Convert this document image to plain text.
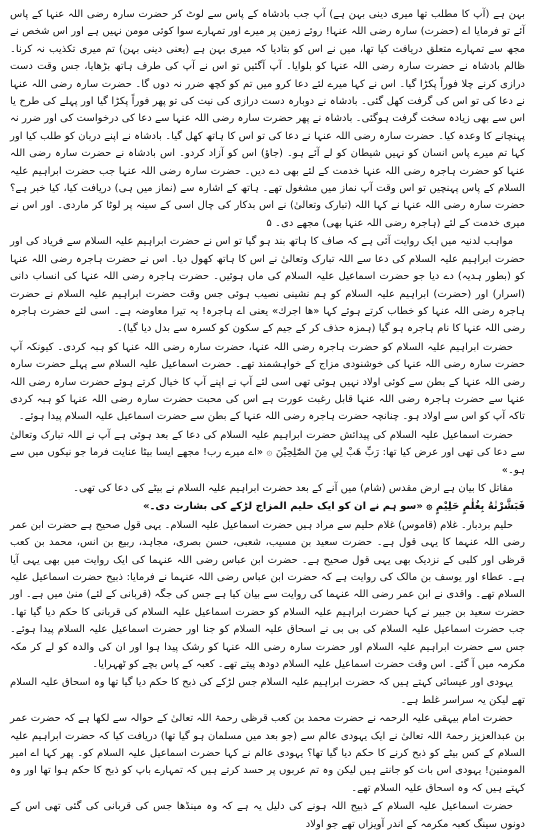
بہن ہے (آپ کا مطلب تھا میری دینی بہن ہے) آپ جب بادشاہ کے پاس سے لوٹ کر حضرت سارہ رضی اللہ عنہا کے پاس آئے تو فرمایا اے (حضرت) سارہ رضی اللہ عنہا! روئے زمین پر میرے اور تمہارے سوا کوئی مومن نہیں ہے اور اس شخص نے مجھ سے تمہارے متعلق دریافت کیا تھا، میں نے اس کو بتادیا کہ میری بہن ہے (یعنی دینی بہن) تم میری تکذیب نہ کرنا۔ ظالم بادشاہ نے حضرت سارہ رضی اللہ عنہا کو بلوایا۔ آپ آگئیں تو اس نے آپ کی طرف ہاتھ بڑھایا، جس وقت دست درازی کرنے چلا فوراً پکڑا گیا۔ اس نے کہا میرے لئے دعا کرو میں تم کو کچھ ضرر نہ دوں گا۔ حضرت سارہ رضی اللہ عنہا نے دعا کی تو اس کی گرفت کھل گئی۔ بادشاہ نے دوبارہ دست درازی کی نیت کی تو پھر فوراً پکڑا گیا اور پہلے کی طرح یا اس سے بھی زیادہ سخت گرفت ہوگئی۔ بادشاہ نے پھر حضرت سارہ رضی اللہ عنہا سے دعا کی درخواست کی اور ضرر نہ پہنچانے کا وعدہ کیا۔ حضرت سارہ رضی اللہ عنہا نے دعا کی تو اس کا ہاتھ کھل گیا۔ بادشاہ نے اپنے دربان کو طلب کیا اور کہا تم میرے پاس انسان کو نہیں شیطان کو لے آئے ہو۔ (جاؤ) اس کو آزاد کردو۔ اس بادشاہ نے حضرت سارہ رضی اللہ عنہا کو حضرت ہاجرہ رضی اللہ عنہا خدمت کے لئے بھی دے دیں۔ حضرت سارہ رضی اللہ عنہا جب حضرت ابراہیم علیہ السلام کے پاس پہنچیں تو اس وقت آپ نماز میں مشغول تھے۔ ہاتھ کے اشارہ سے (نماز میں ہی) دریافت کیا، کیا خبر ہے؟ حضرت سارہ رضی اللہ عنہا نے کہا اللہ (تبارک وتعالیٰ) نے اس بدکار کی چال اسی کے سینہ پر لوٹا کر ماردی۔ اور اس نے میری خدمت کے لئے (ہاجرہ رضی اللہ عنہا بھی) مجھے دی۔ ۵

مواہب لدنیہ میں ایک روایت آئی ہے کہ صاف کا ہاتھ بند ہو گیا تو اس نے حضرت ابراہیم علیہ السلام سے فریاد کی اور حضرت ابراہیم علیہ السلام کی دعا سے اللہ تبارک وتعالیٰ نے اس کا ہاتھ کھول دیا۔ اس نے حضرت ہاجرہ رضی اللہ عنہا کو (بطور ہدیہ) دے دیا جو حضرت اسماعیل علیہ السلام کی ماں ہوئیں۔ حضرت ہاجرہ رضی اللہ عنہا کی انساب دانی (اسرار) اور (حضرت) ابراہیم علیہ السلام کو ہم نشینی نصیب ہوئی جس وقت حضرت ابراہیم علیہ السلام نے حضرت ہاجرہ رضی اللہ عنہا کو خطاب کرتے ہوئے کہا «ها اجرك» یعنی اے ہاجرہ! یہ تیرا معاوضہ ہے۔ اسی لئے حضرت ہاجرہ رضی اللہ عنہا کا نام ہاجرہ ہو گیا (ہمزہ حذف کر کے جیم کے سکون کو کسرہ سے بدل دیا گیا)۔

حضرت ابراہیم علیہ السلام کو حضرت ہاجرہ رضی اللہ عنہا، حضرت سارہ رضی اللہ عنہا کو ہبہ کردی۔ کیونکہ آپ حضرت سارہ رضی اللہ عنہا کی خوشنودی مزاج کے خواہشمند تھے۔ حضرت اسماعیل علیہ السلام سے پہلے حضرت سارہ رضی اللہ عنہا کے بطن سے کوئی اولاد نہیں ہوئی تھی اسی لئے آپ نے اپنے آپ کا خیال کرتے ہوئے حضرت سارہ رضی اللہ عنہا سے حضرت ہاجرہ رضی اللہ عنہا قابل رغبت عورت ہے اس کی محبت حضرت سارہ رضی اللہ عنہا کو ہبہ کردی تاکہ آپ کو اس سے اولاد ہو۔ چنانچہ حضرت ہاجرہ رضی اللہ عنہا کے بطن سے حضرت اسماعیل علیہ السلام پیدا ہوئے۔

حضرت اسماعیل علیہ السلام کی پیدائش حضرت ابراہیم علیہ السلام کی دعا کے بعد ہوئی ہے آپ نے اللہ تبارک وتعالیٰ سے دعا کی تھی اور عرض کیا تھا: رَبِّ هَبْ لِي مِنَ الصّٰلِحِيْنَ ۞ «اے میرے رب! مجھے ایسا بیٹا عنایت فرما جو نیکوں میں سے ہو۔»

مقاتل کا بیان ہے ارض مقدس (شام) میں آنے کے بعد حضرت ابراہیم علیہ السلام نے بیٹے کی دعا کی تھی۔

فَبَشَّرْنٰهُ بِغُلٰمٍ حَلِيْمٍ ۞ «سو ہم نے ان کو ایک حلیم المزاج لڑکے کی بشارت دی۔»

حلیم بردبار۔ غلام (قاموس) غلام حلیم سے مراد ہیں حضرت اسماعیل علیہ السلام۔ یہی قول صحیح ہے حضرت ابن عمر رضی اللہ عنہما کا یہی قول ہے۔ حضرت سعید بن مسیب، شعبی، حسن بصری، مجاہد، ربیع بن انس، محمد بن کعب قرظی اور کلبی کے نزدیک بھی یہی قول صحیح ہے۔ حضرت ابن عباس رضی اللہ عنہما کی ایک روایت میں بھی یہی آیا ہے۔ عطاء اور یوسف بن مالک کی روایت ہے کہ حضرت ابن عباس رضی اللہ عنہما نے فرمایا: ذبیح حضرت اسماعیل علیہ السلام تھے۔ واقدی نے ابن عمر رضی اللہ عنہما کی روایت سے بیان کیا ہے جس کی جگہ (قربانی کے لئے) منیٰ میں ہے۔ اور حضرت سعید بن جبیر نے کہا حضرت ابراہیم علیہ السلام کو حضرت اسماعیل علیہ السلام کی قربانی کا حکم دیا گیا تھا۔ جب حضرت اسماعیل علیہ السلام کی بی بی نے اسحاق علیہ السلام کو جنا اور حضرت اسماعیل علیہ السلام پیدا ہوئے۔ جس سے حضرت ابراہیم علیہ السلام اور حضرت سارہ رضی اللہ عنہا کو رشک پیدا ہوا اور ان کی والدہ کو لے کر مکہ مکرمہ میں آ گئے۔ اس وقت حضرت اسماعیل علیہ السلام دودھ پیتے تھے۔ کعبہ کے پاس بچے کو ٹھہرایا۔

یہودی اور عیسائی کہتے ہیں کہ حضرت ابراہیم علیہ السلام جس لڑکے کی ذبح کا حکم دیا گیا تھا وہ اسحاق علیہ السلام تھے لیکن یہ سراسر غلط ہے۔

حضرت امام بیہقی علیہ الرحمہ نے حضرت محمد بن کعب قرظی رحمۃ اللہ تعالیٰ کے حوالہ سے لکھا ہے کہ حضرت عمر بن عبدالعزیز رحمۃ اللہ تعالیٰ نے ایک یہودی عالم سے (جو بعد میں مسلمان ہو گیا تھا) دریافت کیا کہ حضرت ابراہیم علیہ السلام کے کس بیٹے کو ذبح کرنے کا حکم دیا گیا تھا؟ یہودی عالم نے کہا حضرت اسماعیل علیہ السلام کو۔ پھر کہا اے امیر المومنین! یہودی اس بات کو جانتے ہیں لیکن وہ تم عربوں پر حسد کرتے ہیں کہ تمہارے باپ کو ذبح کا حکم ہوا تھا اور وہ کہتے ہیں کہ وہ اسحاق علیہ السلام تھے۔

حضرت اسماعیل علیہ السلام کے ذبیح اللہ ہونے کی دلیل یہ ہے کہ وہ مینڈھا جس کی قربانی کی گئی تھی اس کے دونوں سینگ کعبہ مکرمہ کے اندر آویزاں تھے جو اولاد
